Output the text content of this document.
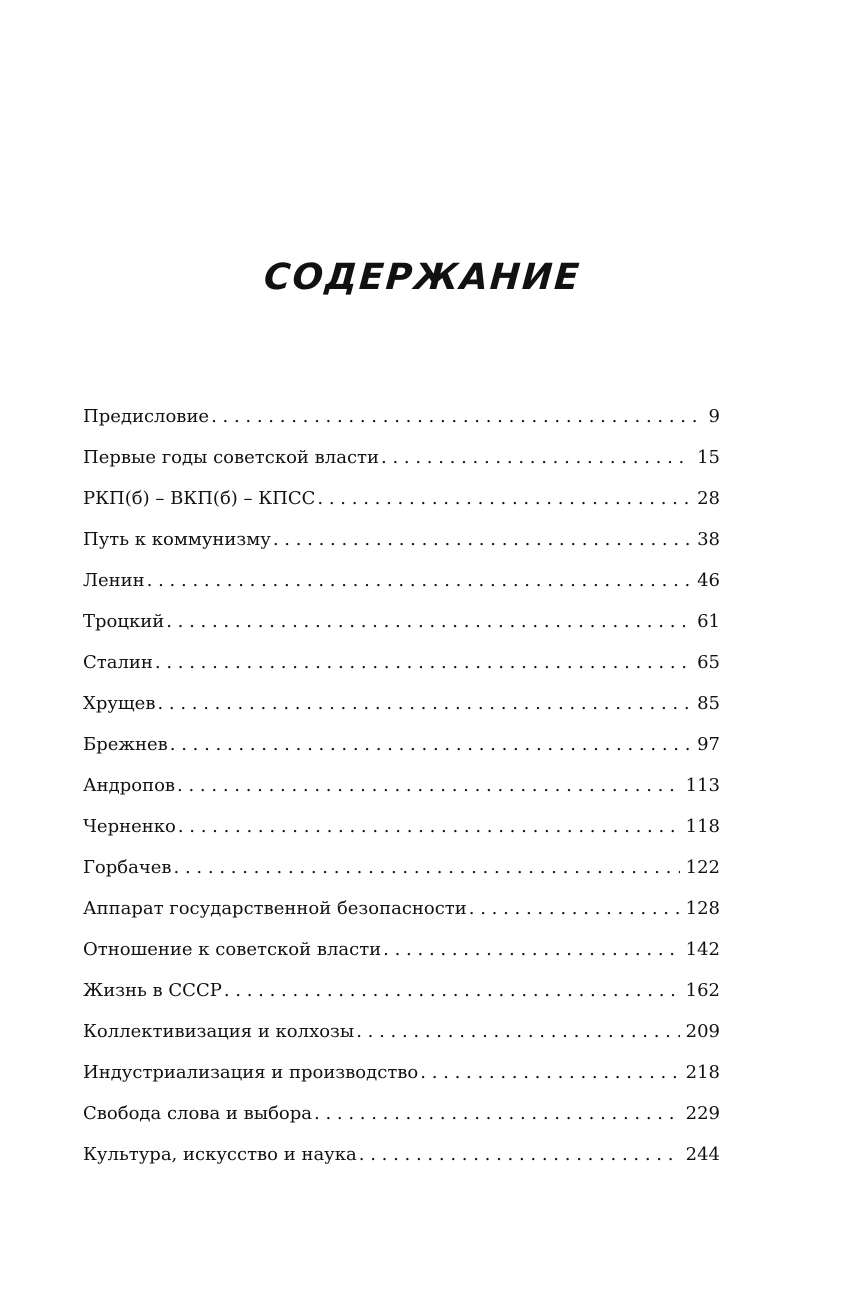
СОДЕРЖАНИЕ
Предисловие . . .	9
Первые годы советской власти . . .	15
РКП(б) – ВКП(б) – КПСС . . .	28
Путь к коммунизму . . .	38
Ленин . . .	46
Троцкий . . .	61
Сталин . . .	65
Хрущев . . .	85
Брежнев . . .	97
Андропов . . .	113
Черненко . . .	118
Горбачев . . .	122
Аппарат государственной безопасности . . .	128
Отношение к советской власти . . .	142
Жизнь в СССР . . .	162
Коллективизация и колхозы . . .	209
Индустриализация и производство . . .	218
Свобода слова и выбора . . .	229
Культура, искусство и наука . . .	244
